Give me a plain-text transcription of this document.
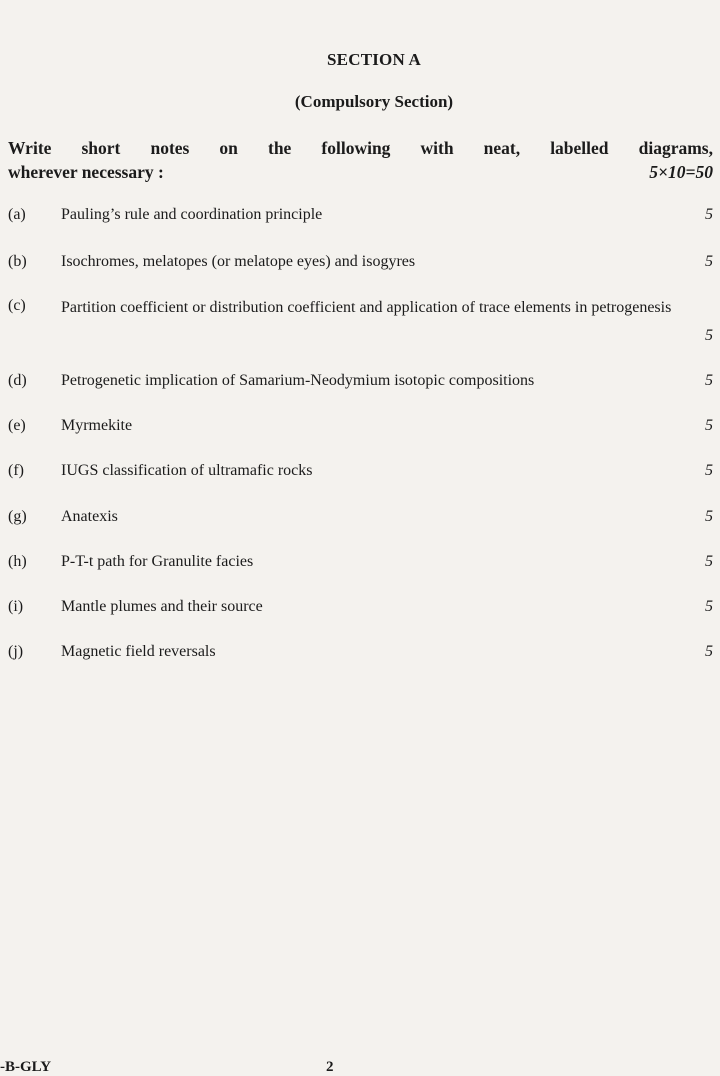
SECTION A
(Compulsory Section)
Write short notes on the following with neat, labelled diagrams,
wherever necessary :	5×10=50
(a) Pauling’s rule and coordination principle	5
(b) Isochromes, melatopes (or melatope eyes) and isogyres	5
(c) Partition coefficient or distribution coefficient and application of trace elements in petrogenesis
5
(d) Petrogenetic implication of Samarium-Neodymium isotopic compositions	5
(e) Myrmekite	5
(f) IUGS classification of ultramafic rocks	5
(g) Anatexis	5
(h) P-T-t path for Granulite facies	5
(i) Mantle plumes and their source	5
(j) Magnetic field reversals	5
-B-GLY	2
